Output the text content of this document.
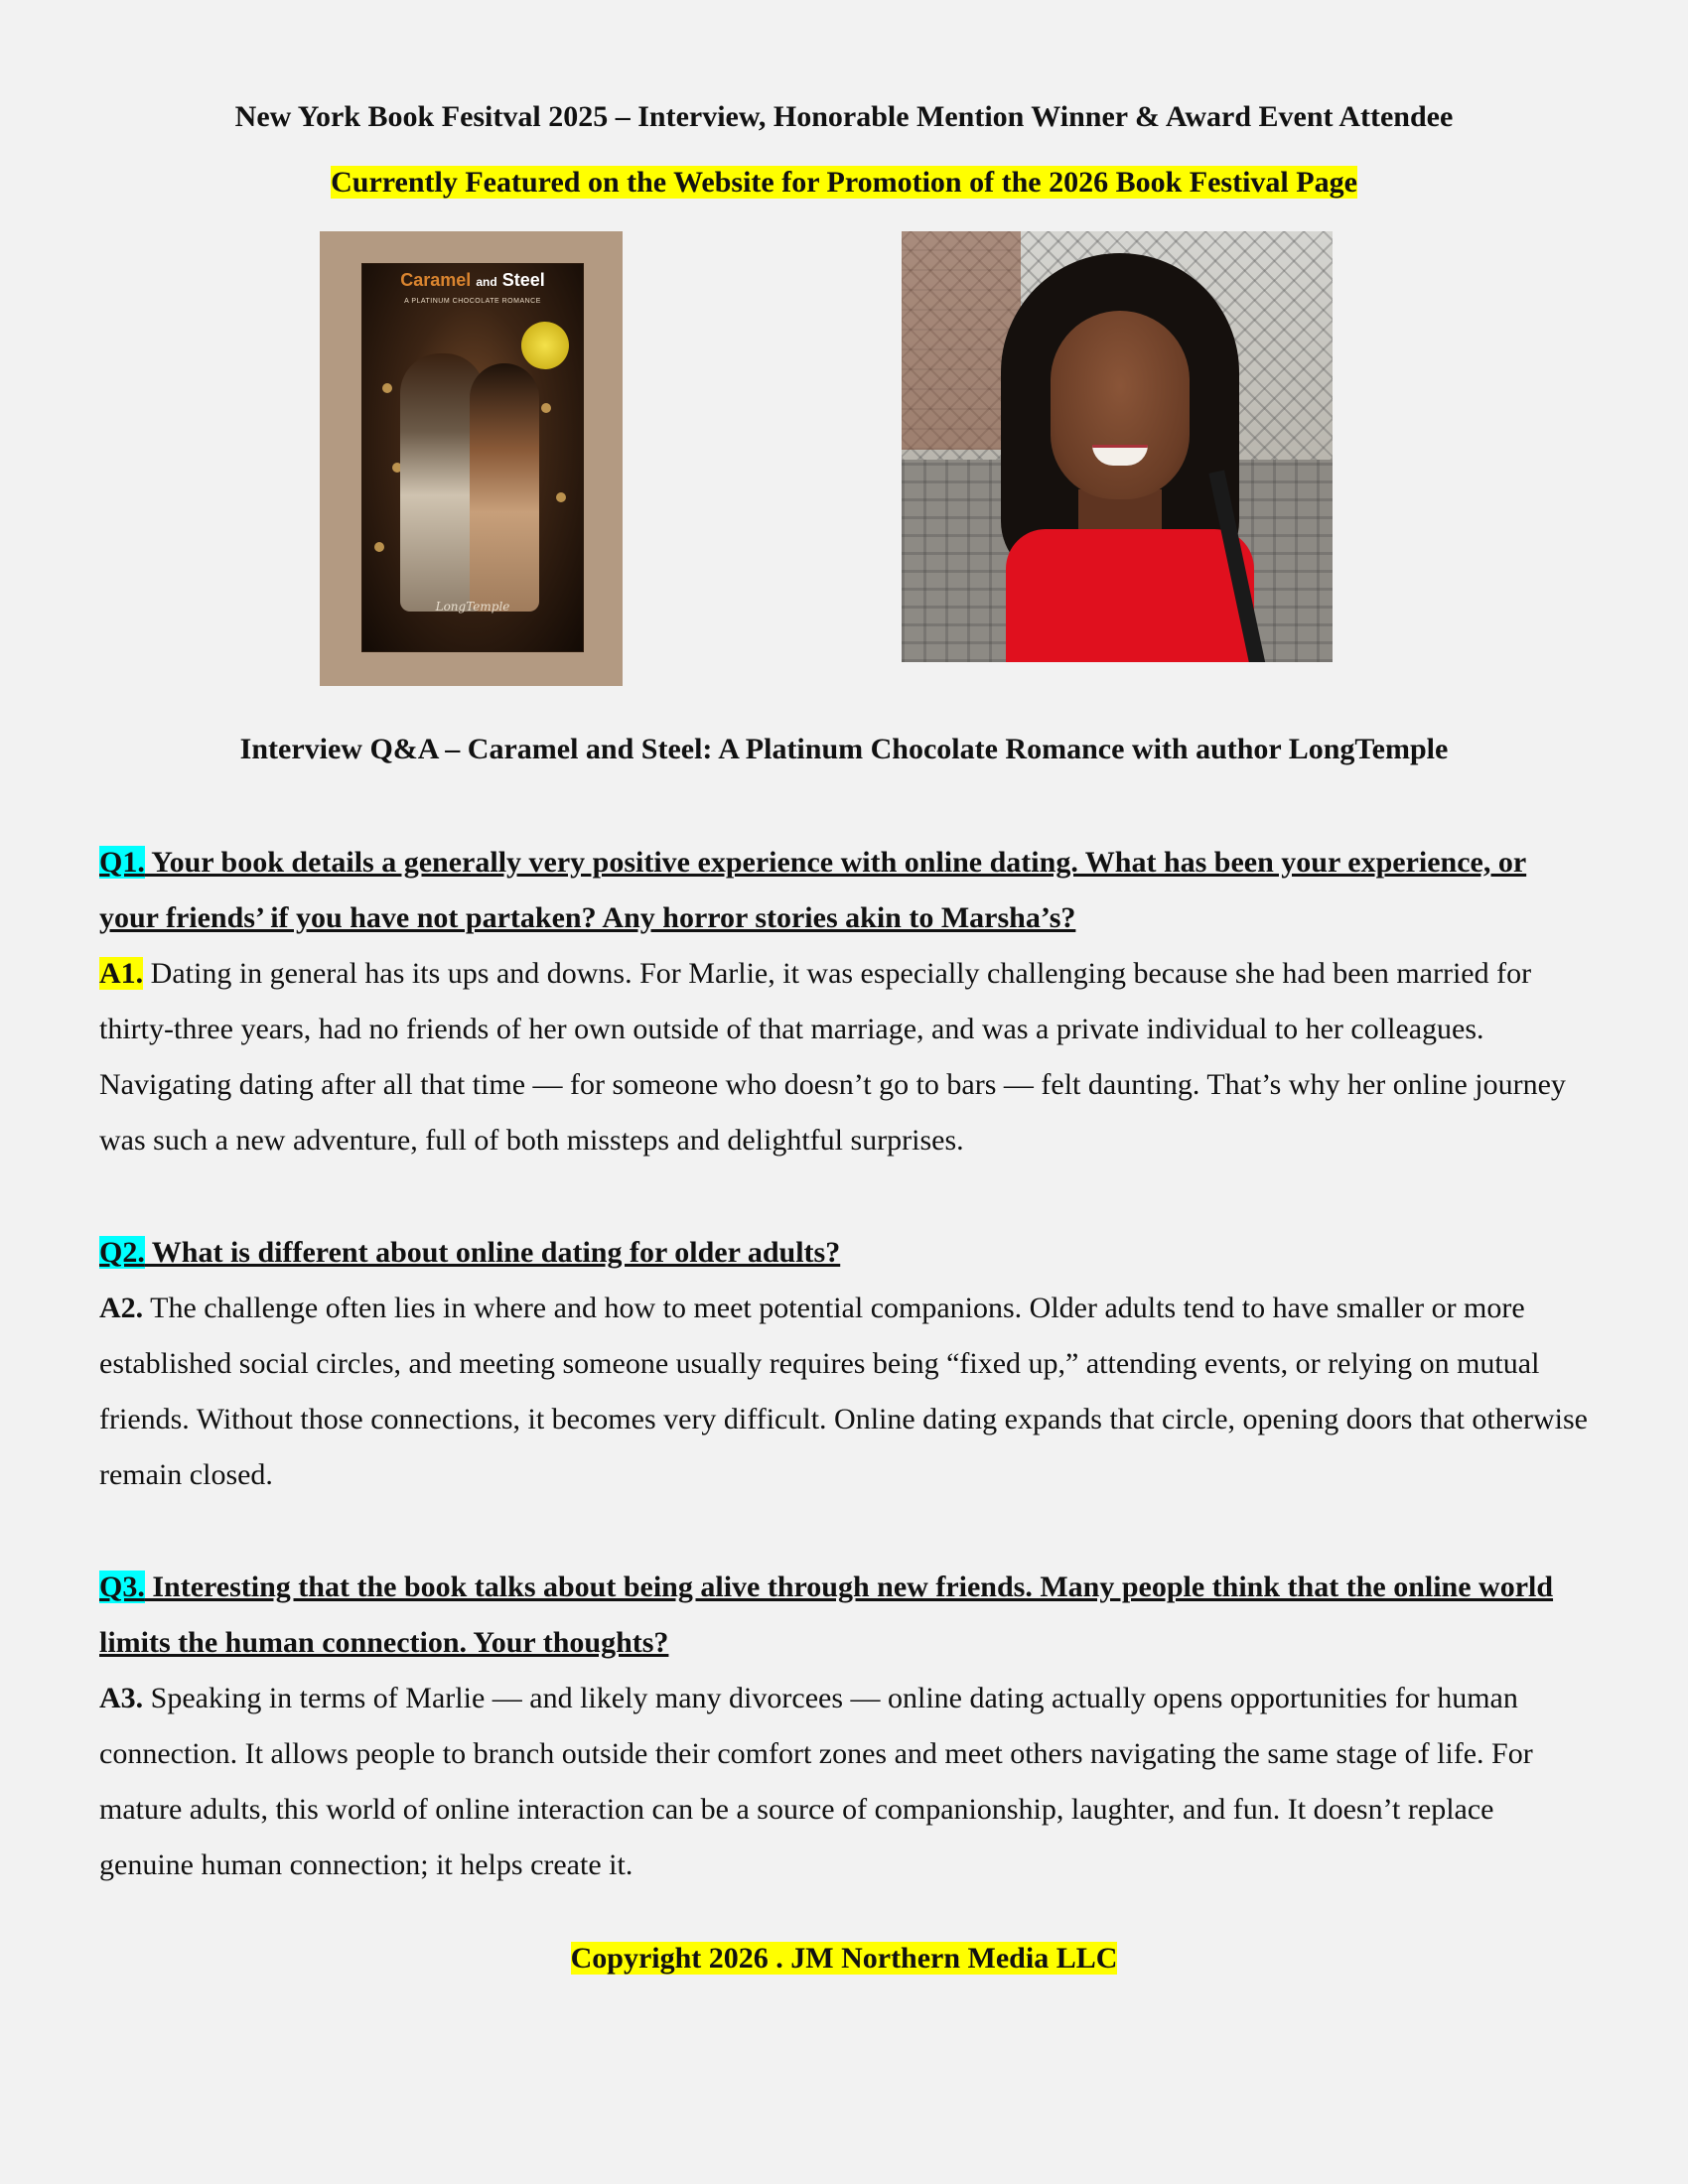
New York Book Fesitval 2025 – Interview, Honorable Mention Winner & Award Event Attendee
Currently Featured on the Website for Promotion of the 2026 Book Festival Page
Caramel and Steel
A PLATINUM CHOCOLATE ROMANCE
LongTemple
Interview Q&A – Caramel and Steel: A Platinum Chocolate Romance with author LongTemple
Q1. Your book details a generally very positive experience with online dating. What has been your experience, or your friends’ if you have not partaken? Any horror stories akin to Marsha’s?
A1. Dating in general has its ups and downs. For Marlie, it was especially challenging because she had been married for thirty-three years, had no friends of her own outside of that marriage, and was a private individual to her colleagues. Navigating dating after all that time — for someone who doesn’t go to bars — felt daunting. That’s why her online journey was such a new adventure, full of both missteps and delightful surprises.
Q2. What is different about online dating for older adults?
A2. The challenge often lies in where and how to meet potential companions. Older adults tend to have smaller or more established social circles, and meeting someone usually requires being “fixed up,” attending events, or relying on mutual friends. Without those connections, it becomes very difficult. Online dating expands that circle, opening doors that otherwise remain closed.
Q3. Interesting that the book talks about being alive through new friends. Many people think that the online world limits the human connection. Your thoughts?
A3. Speaking in terms of Marlie — and likely many divorcees — online dating actually opens opportunities for human connection. It allows people to branch outside their comfort zones and meet others navigating the same stage of life. For mature adults, this world of online interaction can be a source of companionship, laughter, and fun. It doesn’t replace genuine human connection; it helps create it.
Copyright 2026 . JM Northern Media LLC
